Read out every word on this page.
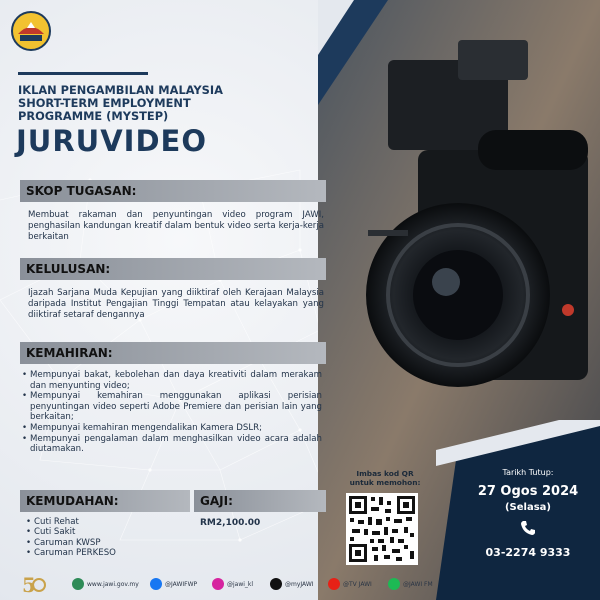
IKLAN PENGAMBILAN MALAYSIA
SHORT-TERM EMPLOYMENT
PROGRAMME (MYSTEP)
JURUVIDEO
SKOP TUGASAN:
Membuat rakaman dan penyuntingan video program JAWI, penghasilan kandungan kreatif dalam bentuk video serta kerja-kerja berkaitan
KELULUSAN:
Ijazah Sarjana Muda Kepujian yang diiktiraf oleh Kerajaan Malaysia daripada Institut Pengajian Tinggi Tempatan atau kelayakan yang diiktiraf setaraf dengannya
KEMAHIRAN:
• Mempunyai bakat, kebolehan dan daya kreativiti dalam merakam dan menyunting video;
• Mempunyai kemahiran menggunakan aplikasi perisian penyuntingan video seperti Adobe Premiere dan perisian lain yang berkaitan;
• Mempunyai kemahiran mengendalikan Kamera DSLR;
• Mempunyai pengalaman dalam menghasilkan video acara adalah diutamakan.
KEMUDAHAN:	GAJI:
• Cuti Rehat
• Cuti Sakit
• Caruman KWSP
• Caruman PERKESO
RM2,100.00
Imbas kod QR
untuk memohon:
Tarikh Tutup:
27 Ogos 2024
(Selasa)
03-2274 9333
5	www.jawi.gov.my	@JAWIFWP	@jawi_kl	@myJAWI	@TV JAWI	@JAWI FM
